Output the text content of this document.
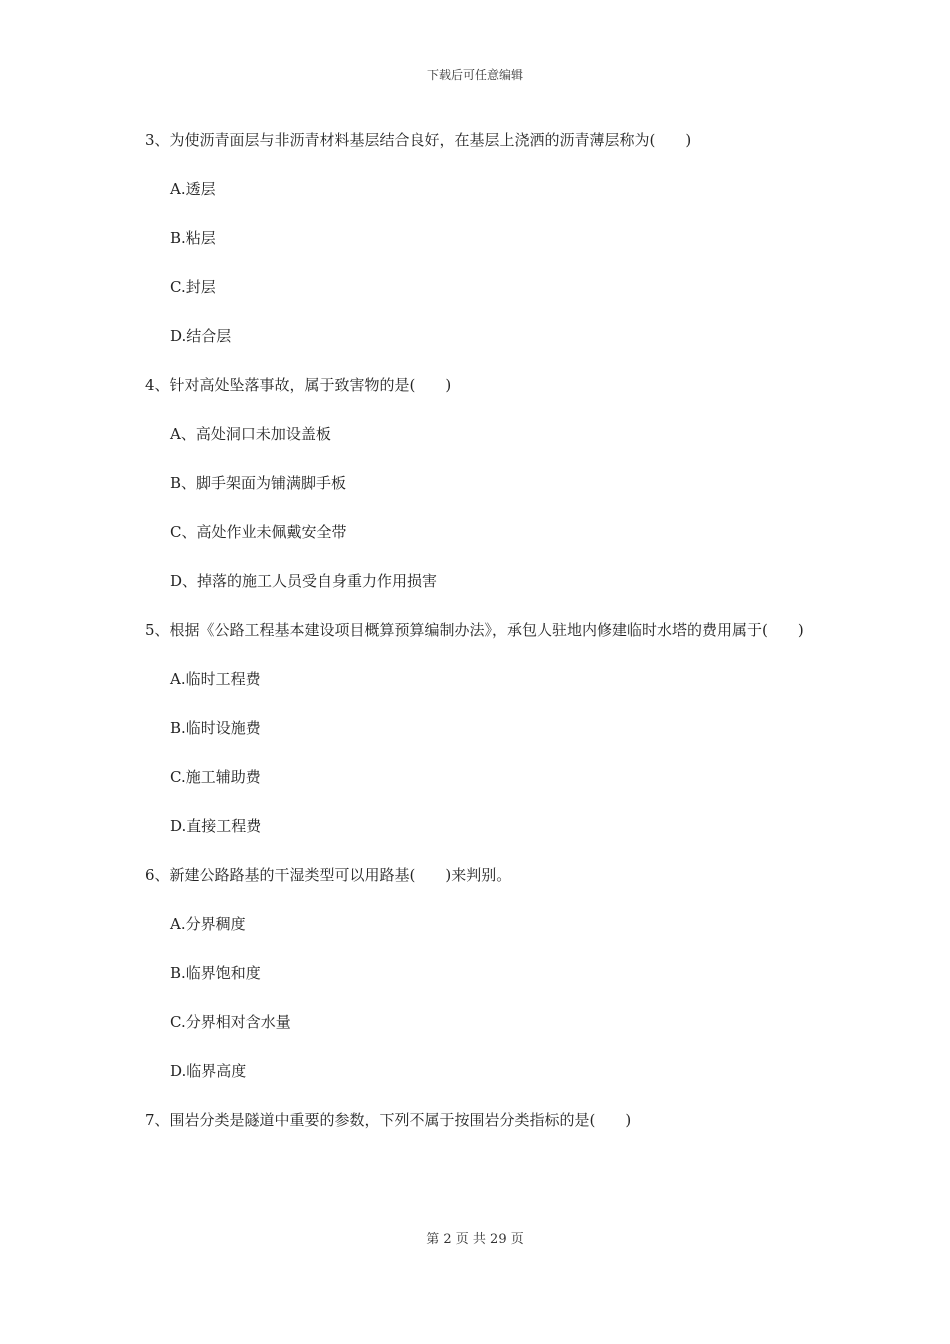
下载后可任意编辑
3、为使沥青面层与非沥青材料基层结合良好，在基层上浇洒的沥青薄层称为(　　)
A.透层
B.粘层
C.封层
D.结合层
4、针对高处坠落事故，属于致害物的是(　　)
A、高处洞口未加设盖板
B、脚手架面为铺满脚手板
C、高处作业未佩戴安全带
D、掉落的施工人员受自身重力作用损害
5、根据《公路工程基本建设项目概算预算编制办法》，承包人驻地内修建临时水塔的费用属于(　　)
A.临时工程费
B.临时设施费
C.施工辅助费
D.直接工程费
6、新建公路路基的干湿类型可以用路基(　　)来判别。
A.分界稠度
B.临界饱和度
C.分界相对含水量
D.临界高度
7、围岩分类是隧道中重要的参数，下列不属于按围岩分类指标的是(　　)
第 2 页 共 29 页
